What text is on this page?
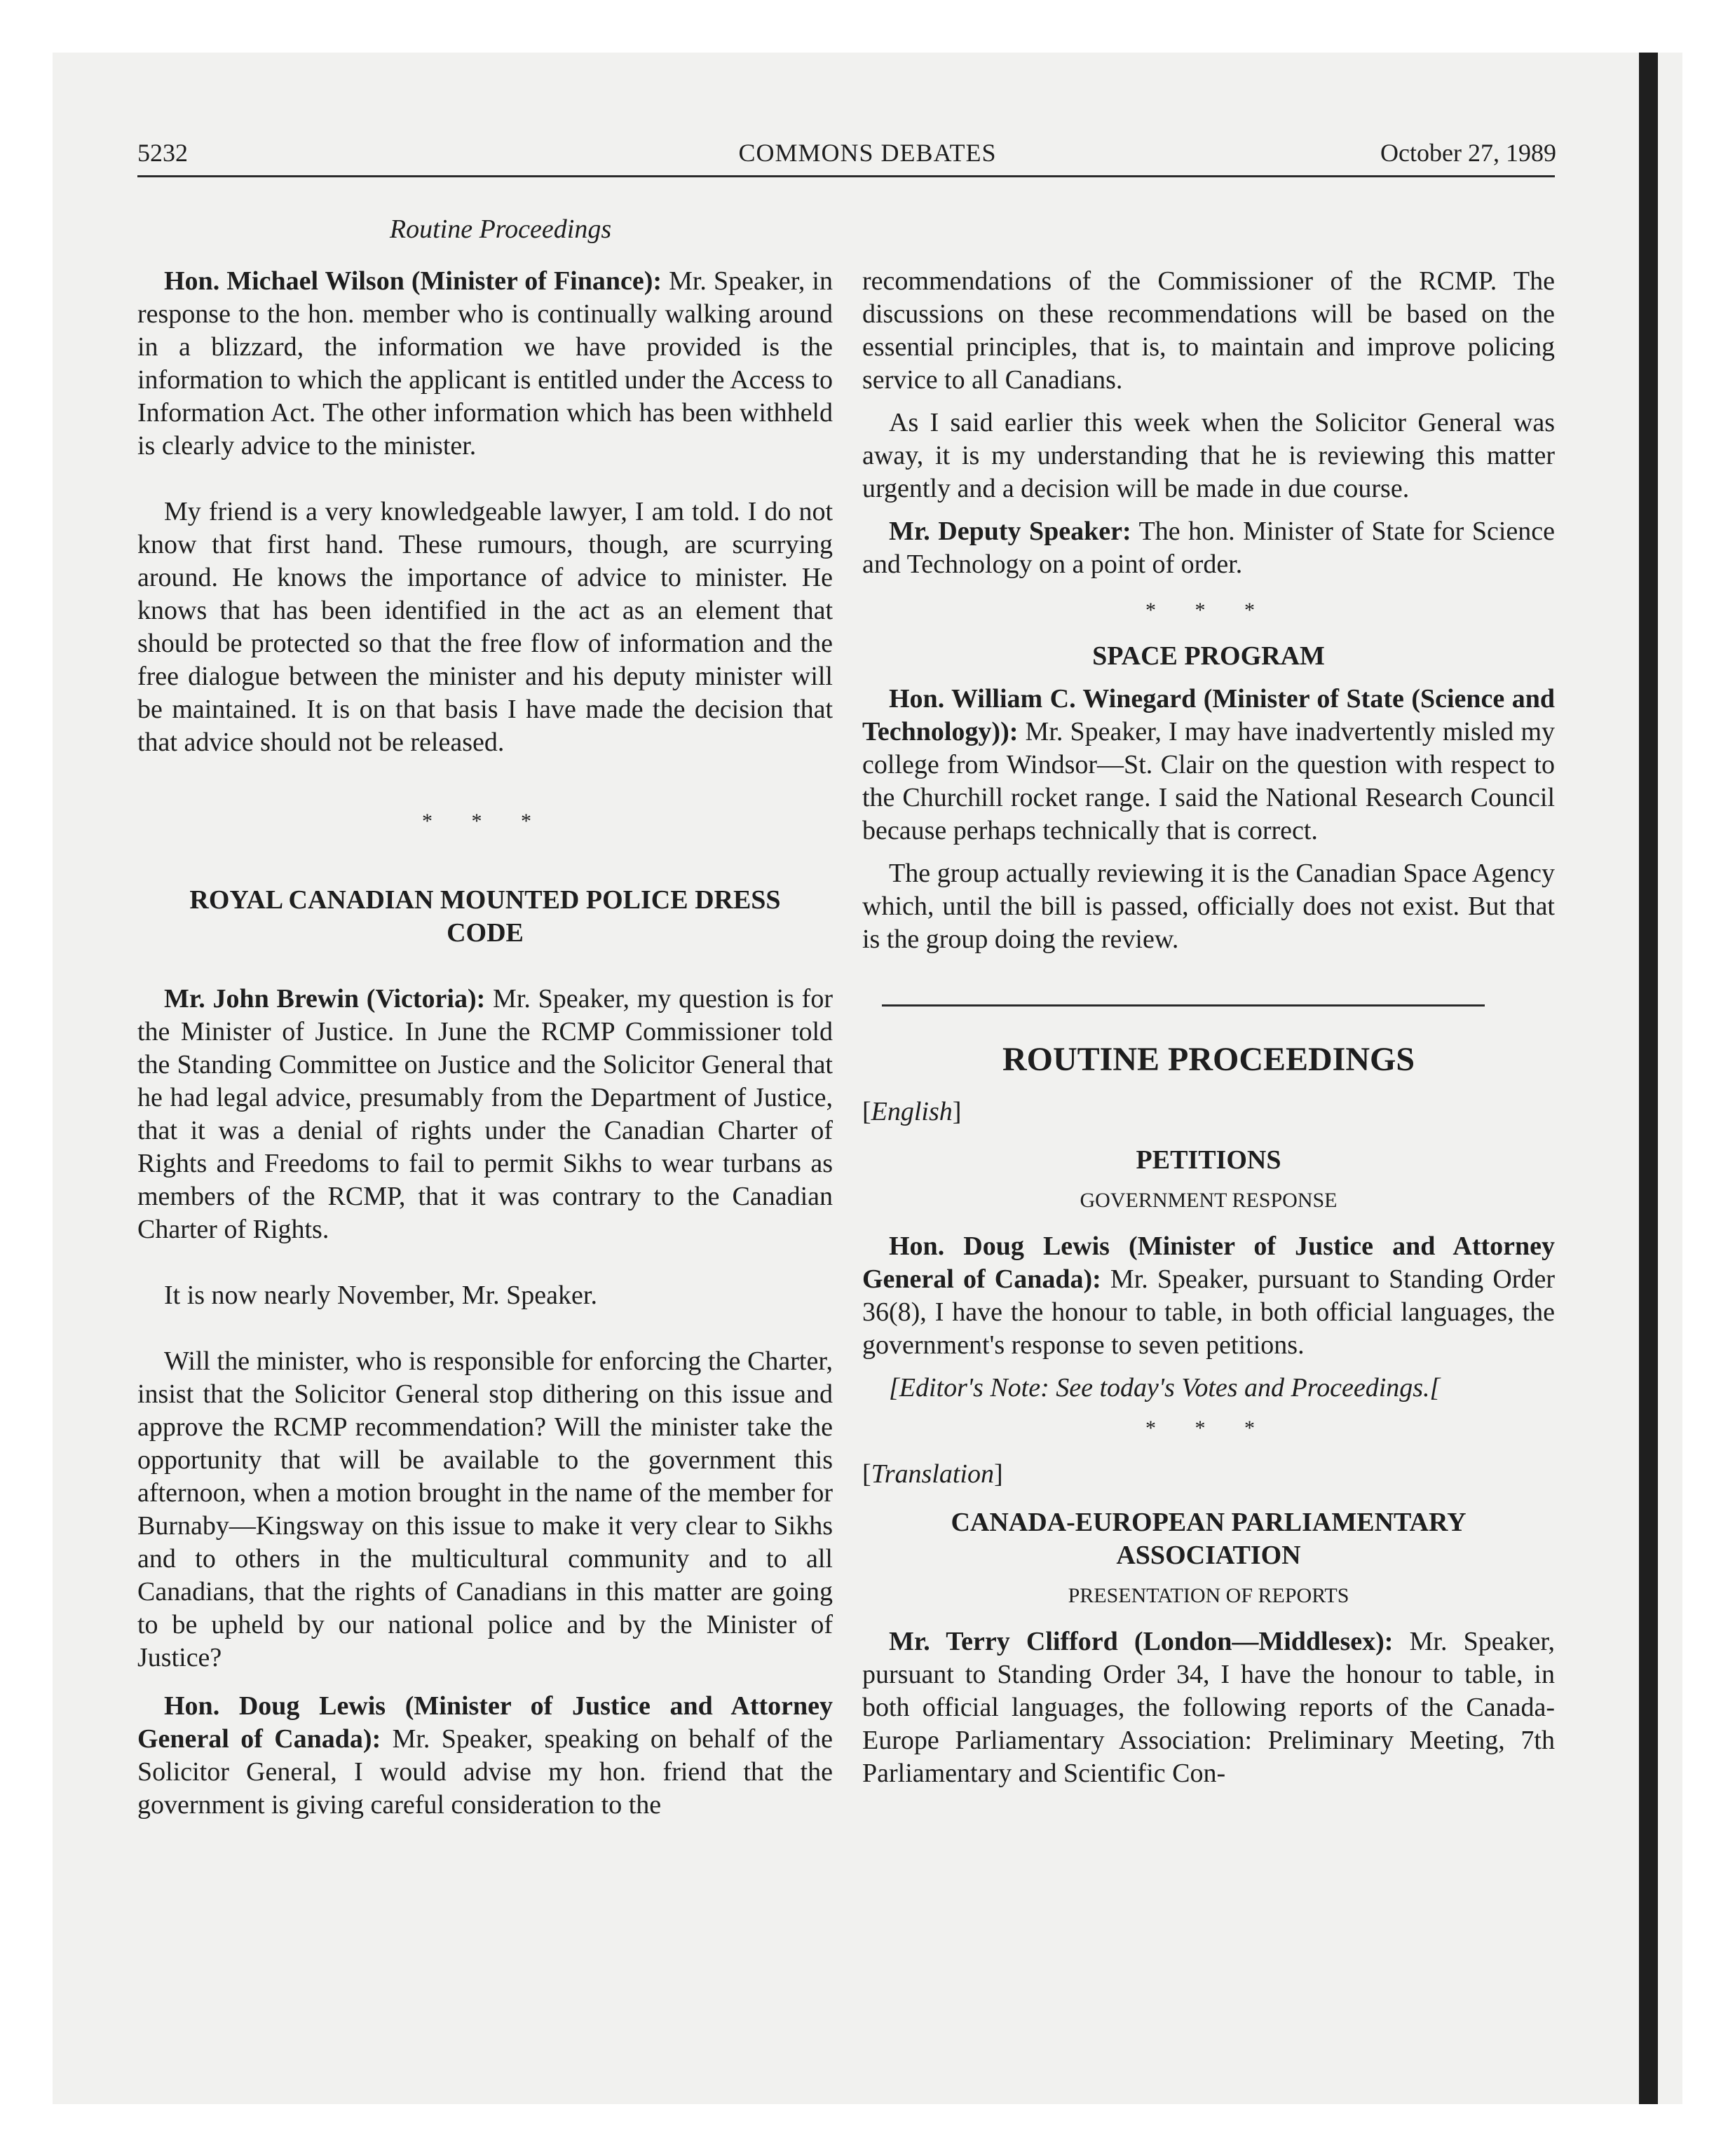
5232	COMMONS DEBATES	October 27, 1989
Routine Proceedings

Hon. Michael Wilson (Minister of Finance): Mr. Speaker, in response to the hon. member who is continually walking around in a blizzard, the information we have provided is the information to which the applicant is entitled under the Access to Information Act. The other information which has been withheld is clearly advice to the minister.

My friend is a very knowledgeable lawyer, I am told. I do not know that first hand. These rumours, though, are scurrying around. He knows the importance of advice to minister. He knows that has been identified in the act as an element that should be protected so that the free flow of information and the free dialogue between the minister and his deputy minister will be maintained. It is on that basis I have made the decision that that advice should not be released.

* * *
ROYAL CANADIAN MOUNTED POLICE DRESS CODE

Mr. John Brewin (Victoria): Mr. Speaker, my question is for the Minister of Justice. In June the RCMP Commissioner told the Standing Committee on Justice and the Solicitor General that he had legal advice, presumably from the Department of Justice, that it was a denial of rights under the Canadian Charter of Rights and Freedoms to fail to permit Sikhs to wear turbans as members of the RCMP, that it was contrary to the Canadian Charter of Rights.

It is now nearly November, Mr. Speaker.

Will the minister, who is responsible for enforcing the Charter, insist that the Solicitor General stop dithering on this issue and approve the RCMP recommendation? Will the minister take the opportunity that will be available to the government this afternoon, when a motion brought in the name of the member for Burnaby—Kingsway on this issue to make it very clear to Sikhs and to others in the multicultural community and to all Canadians, that the rights of Canadians in this matter are going to be upheld by our national police and by the Minister of Justice?

Hon. Doug Lewis (Minister of Justice and Attorney General of Canada): Mr. Speaker, speaking on behalf of the Solicitor General, I would advise my hon. friend that the government is giving careful consideration to the

recommendations of the Commissioner of the RCMP. The discussions on these recommendations will be based on the essential principles, that is, to maintain and improve policing service to all Canadians.

As I said earlier this week when the Solicitor General was away, it is my understanding that he is reviewing this matter urgently and a decision will be made in due course.

Mr. Deputy Speaker: The hon. Minister of State for Science and Technology on a point of order.

* * *
SPACE PROGRAM

Hon. William C. Winegard (Minister of State (Science and Technology)): Mr. Speaker, I may have inadvertently misled my college from Windsor—St. Clair on the question with respect to the Churchill rocket range. I said the National Research Council because perhaps technically that is correct.

The group actually reviewing it is the Canadian Space Agency which, until the bill is passed, officially does not exist. But that is the group doing the review.

ROUTINE PROCEEDINGS
[English]
PETITIONS
GOVERNMENT RESPONSE

Hon. Doug Lewis (Minister of Justice and Attorney General of Canada): Mr. Speaker, pursuant to Standing Order 36(8), I have the honour to table, in both official languages, the government's response to seven petitions.

[Editor's Note: See today's Votes and Proceedings.[
* * *
[Translation]
CANADA-EUROPEAN PARLIAMENTARY ASSOCIATION
PRESENTATION OF REPORTS

Mr. Terry Clifford (London—Middlesex): Mr. Speaker, pursuant to Standing Order 34, I have the honour to table, in both official languages, the following reports of the Canada-Europe Parliamentary Association: Preliminary Meeting, 7th Parliamentary and Scientific Con-
